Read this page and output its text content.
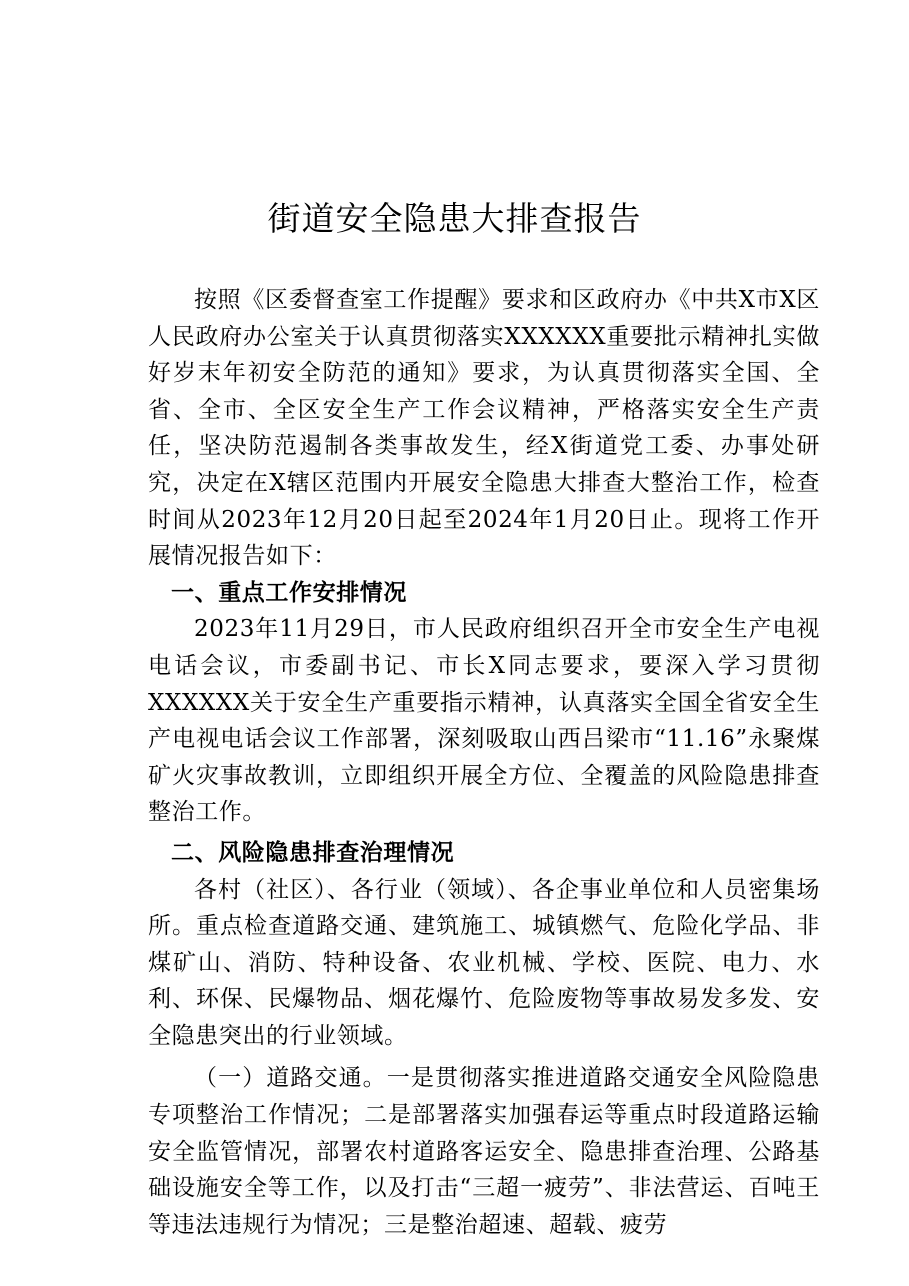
街道安全隐患大排查报告

按照《区委督查室工作提醒》要求和区政府办《中共X市X区人民政府办公室关于认真贯彻落实XXXXXX重要批示精神扎实做好岁末年初安全防范的通知》要求，为认真贯彻落实全国、全省、全市、全区安全生产工作会议精神，严格落实安全生产责任，坚决防范遏制各类事故发生，经X街道党工委、办事处研究，决定在X辖区范围内开展安全隐患大排查大整治工作，检查时间从2023年12月20日起至2024年1月20日止。现将工作开展情况报告如下：

一、重点工作安排情况

2023年11月29日，市人民政府组织召开全市安全生产电视电话会议，市委副书记、市长X同志要求，要深入学习贯彻XXXXXX关于安全生产重要指示精神，认真落实全国全省安全生产电视电话会议工作部署，深刻吸取山西吕梁市“11.16”永聚煤矿火灾事故教训，立即组织开展全方位、全覆盖的风险隐患排查整治工作。

二、风险隐患排查治理情况

各村（社区）、各行业（领域）、各企事业单位和人员密集场所。重点检查道路交通、建筑施工、城镇燃气、危险化学品、非煤矿山、消防、特种设备、农业机械、学校、医院、电力、水利、环保、民爆物品、烟花爆竹、危险废物等事故易发多发、安全隐患突出的行业领域。

（一）道路交通。一是贯彻落实推进道路交通安全风险隐患专项整治工作情况；二是部署落实加强春运等重点时段道路运输安全监管情况，部署农村道路客运安全、隐患排查治理、公路基础设施安全等工作，以及打击“三超一疲劳”、非法营运、百吨王等违法违规行为情况；三是整治超速、超载、疲劳
